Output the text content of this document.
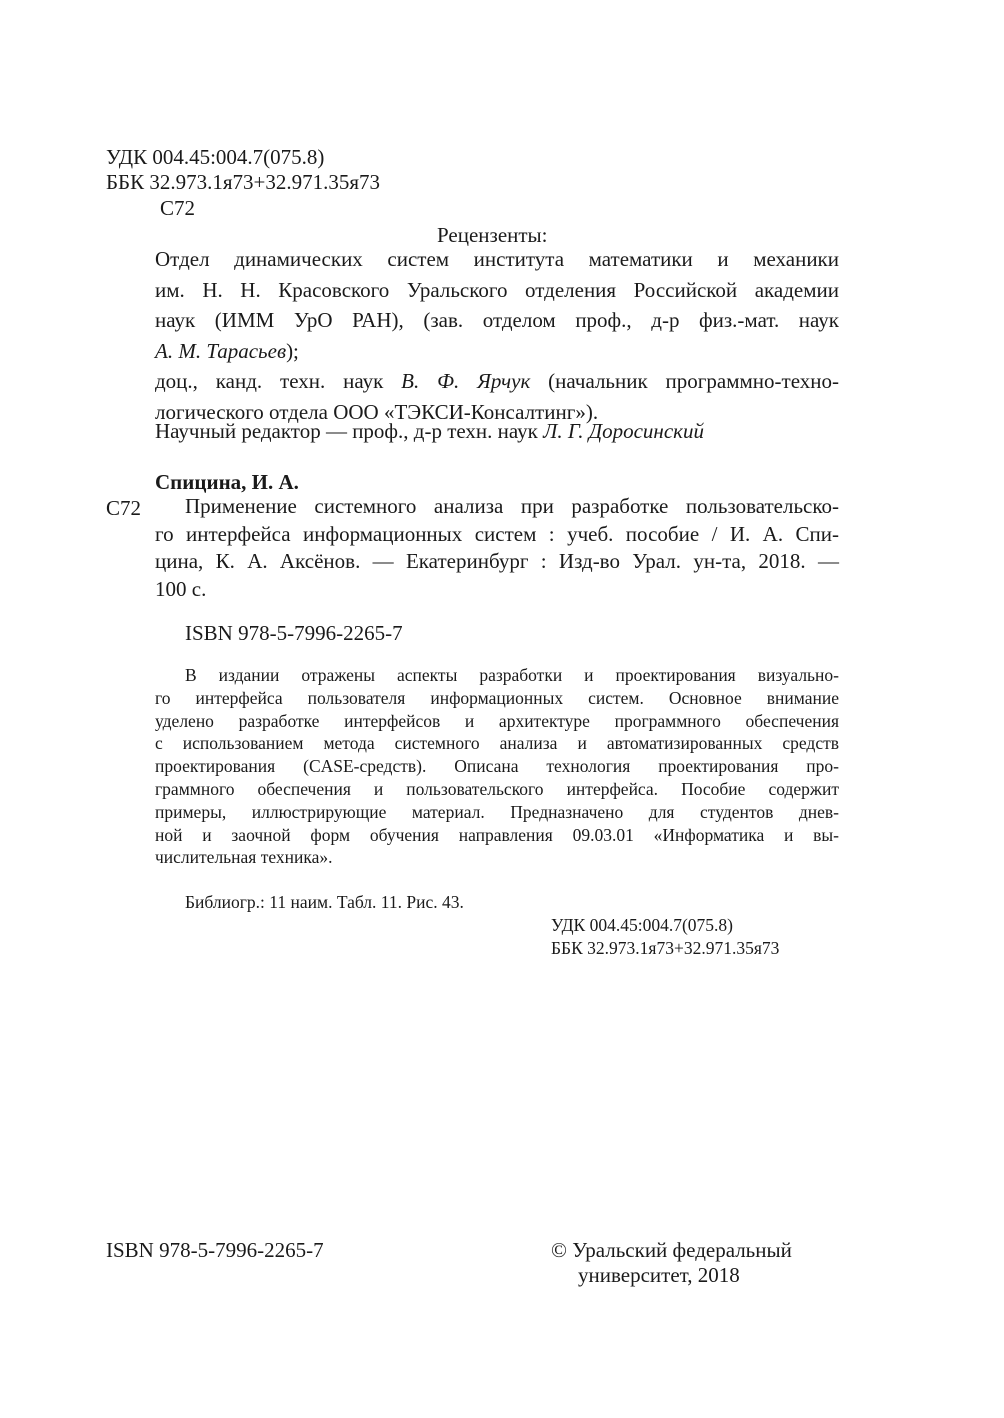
УДК 004.45:004.7(075.8)
ББК 32.973.1я73+32.971.35я73
С72
Рецензенты:
Отдел динамических систем института математики и механики
им. Н. Н. Красовского Уральского отделения Российской академии
наук (ИММ УрО РАН), (зав. отделом проф., д-р физ.-мат. наук
А. М. Тарасьев);
доц., канд. техн. наук В. Ф. Ярчук (начальник программно-техно-
логического отдела ООО «ТЭКСИ-Консалтинг»).
Научный редактор — проф., д-р техн. наук Л. Г. Доросинский
Спицина, И. А.
С72	Применение системного анализа при разработке пользовательско-
го интерфейса информационных систем : учеб. пособие / И. А. Спи-
цина, К. А. Аксёнов. — Екатеринбург : Изд-во Урал. ун-та, 2018. —
100 с.
ISBN 978-5-7996-2265-7
В издании отражены аспекты разработки и проектирования визуально-
го интерфейса пользователя информационных систем. Основное внимание
уделено разработке интерфейсов и архитектуре программного обеспечения
с использованием метода системного анализа и автоматизированных средств
проектирования (CASE-средств). Описана технология проектирования про-
граммного обеспечения и пользовательского интерфейса. Пособие содержит
примеры, иллюстрирующие материал. Предназначено для студентов днев-
ной и заочной форм обучения направления 09.03.01 «Информатика и вы-
числительная техника».
Библиогр.: 11 наим. Табл. 11. Рис. 43.
УДК 004.45:004.7(075.8)
ББК 32.973.1я73+32.971.35я73
ISBN 978-5-7996-2265-7	© Уральский федеральный
университет, 2018
